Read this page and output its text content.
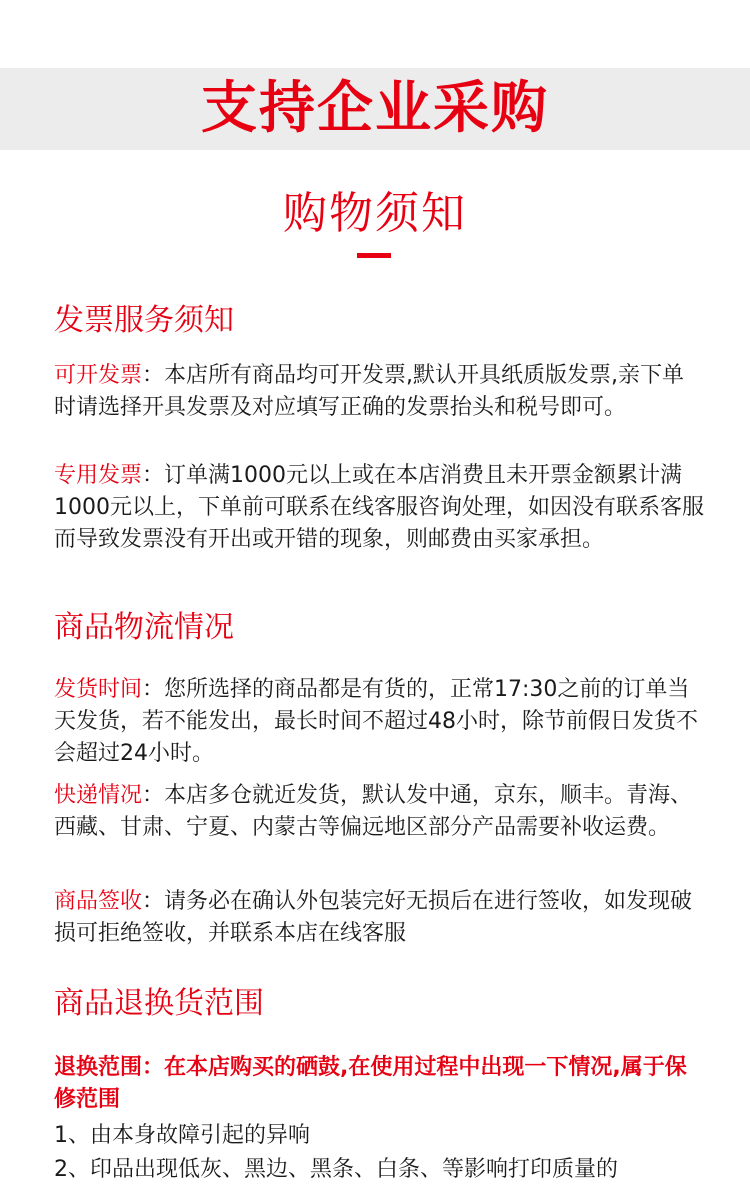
支持企业采购
购物须知
发票服务须知

可开发票：本店所有商品均可开发票,默认开具纸质版发票,亲下单时请选择开具发票及对应填写正确的发票抬头和税号即可。

专用发票：订单满1000元以上或在本店消费且未开票金额累计满1000元以上，下单前可联系在线客服咨询处理，如因没有联系客服而导致发票没有开出或开错的现象，则邮费由买家承担。

商品物流情况

发货时间：您所选择的商品都是有货的，正常17:30之前的订单当天发货，若不能发出，最长时间不超过48小时，除节前假日发货不会超过24小时。

快递情况：本店多仓就近发货，默认发中通，京东，顺丰。青海、西藏、甘肃、宁夏、内蒙古等偏远地区部分产品需要补收运费。

商品签收：请务必在确认外包装完好无损后在进行签收，如发现破损可拒绝签收，并联系本店在线客服

商品退换货范围

退换范围：在本店购买的硒鼓,在使用过程中出现一下情况,属于保修范围

1、由本身故障引起的异响
2、印品出现低灰、黑边、黑条、白条、等影响打印质量的
